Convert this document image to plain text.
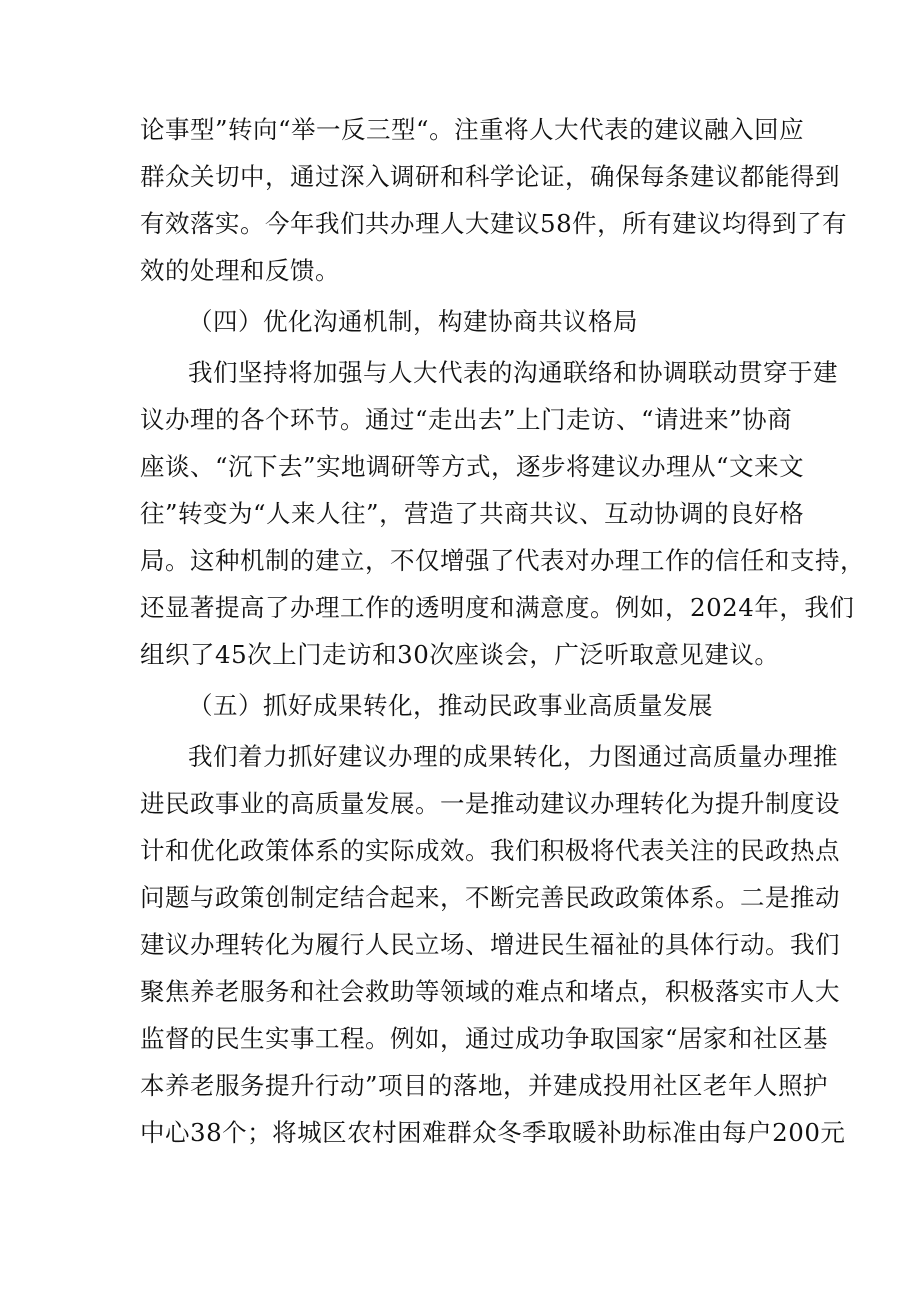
论事型”转向“举一反三型“。注重将人大代表的建议融入回应
群众关切中，通过深入调研和科学论证，确保每条建议都能得到
有效落实。今年我们共办理人大建议58件，所有建议均得到了有
效的处理和反馈。
（四）优化沟通机制，构建协商共议格局
我们坚持将加强与人大代表的沟通联络和协调联动贯穿于建
议办理的各个环节。通过“走出去”上门走访、“请进来”协商
座谈、“沉下去”实地调研等方式，逐步将建议办理从“文来文
往”转变为“人来人往”，营造了共商共议、互动协调的良好格
局。这种机制的建立，不仅增强了代表对办理工作的信任和支持，
还显著提高了办理工作的透明度和满意度。例如，2024年，我们
组织了45次上门走访和30次座谈会，广泛听取意见建议。
（五）抓好成果转化，推动民政事业高质量发展
我们着力抓好建议办理的成果转化，力图通过高质量办理推
进民政事业的高质量发展。一是推动建议办理转化为提升制度设
计和优化政策体系的实际成效。我们积极将代表关注的民政热点
问题与政策创制定结合起来，不断完善民政政策体系。二是推动
建议办理转化为履行人民立场、增进民生福祉的具体行动。我们
聚焦养老服务和社会救助等领域的难点和堵点，积极落实市人大
监督的民生实事工程。例如，通过成功争取国家“居家和社区基
本养老服务提升行动”项目的落地，并建成投用社区老年人照护
中心38个；将城区农村困难群众冬季取暖补助标准由每户200元
